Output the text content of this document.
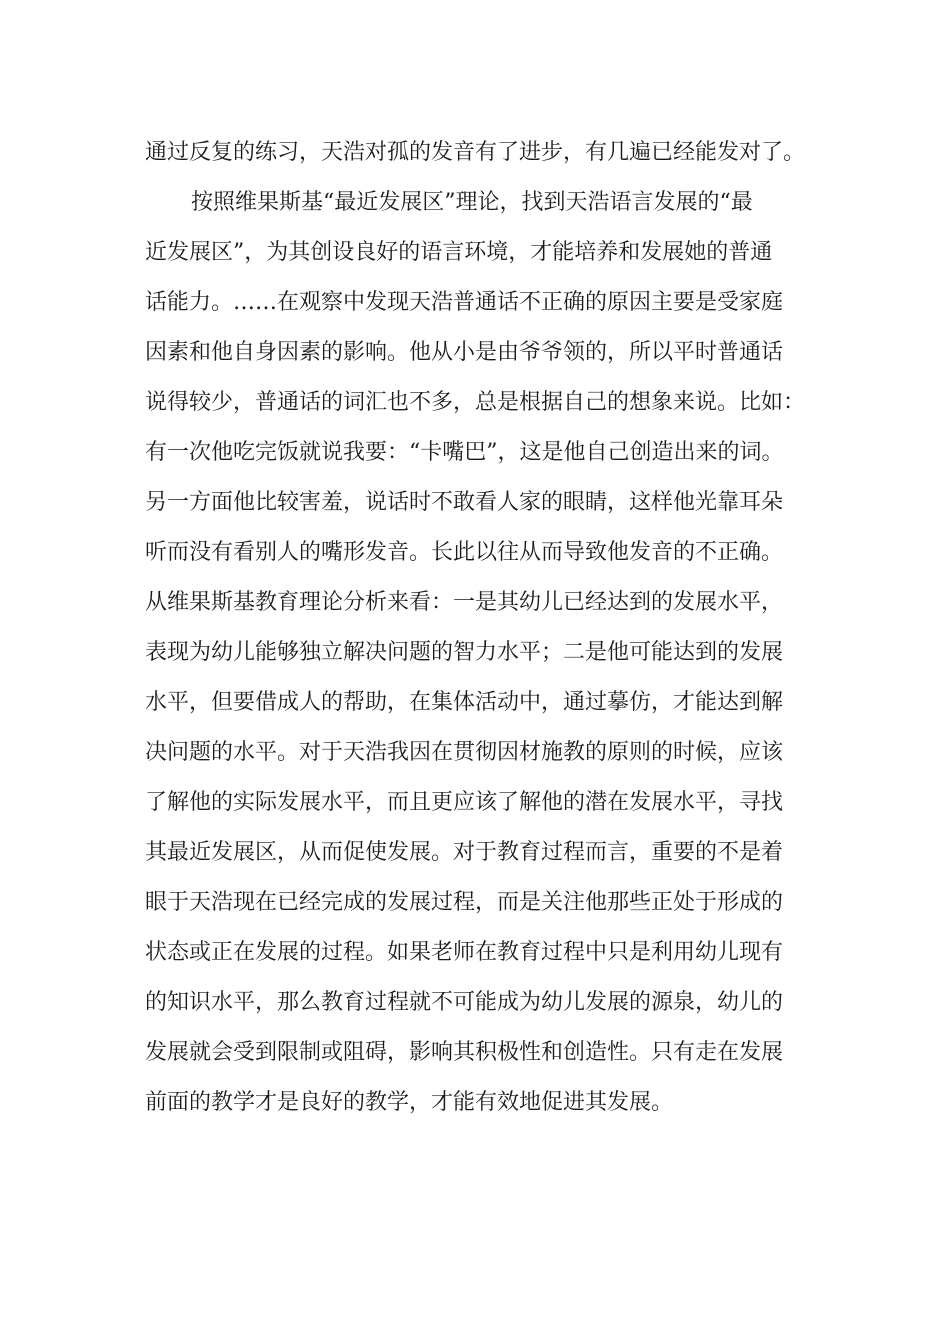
通过反复的练习，天浩对孤的发音有了进步，有几遍已经能发对了。
按照维果斯基“最近发展区”理论，找到天浩语言发展的“最
近发展区”，为其创设良好的语言环境，才能培养和发展她的普通
话能力。……在观察中发现天浩普通话不正确的原因主要是受家庭
因素和他自身因素的影响。他从小是由爷爷领的，所以平时普通话
说得较少，普通话的词汇也不多，总是根据自己的想象来说。比如：
有一次他吃完饭就说我要：“卡嘴巴”，这是他自己创造出来的词。
另一方面他比较害羞，说话时不敢看人家的眼睛，这样他光靠耳朵
听而没有看别人的嘴形发音。长此以往从而导致他发音的不正确。
从维果斯基教育理论分析来看：一是其幼儿已经达到的发展水平，
表现为幼儿能够独立解决问题的智力水平；二是他可能达到的发展
水平，但要借成人的帮助，在集体活动中，通过摹仿，才能达到解
决问题的水平。对于天浩我因在贯彻因材施教的原则的时候，应该
了解他的实际发展水平，而且更应该了解他的潜在发展水平，寻找
其最近发展区，从而促使发展。对于教育过程而言，重要的不是着
眼于天浩现在已经完成的发展过程，而是关注他那些正处于形成的
状态或正在发展的过程。如果老师在教育过程中只是利用幼儿现有
的知识水平，那么教育过程就不可能成为幼儿发展的源泉，幼儿的
发展就会受到限制或阻碍，影响其积极性和创造性。只有走在发展
前面的教学才是良好的教学，才能有效地促进其发展。
